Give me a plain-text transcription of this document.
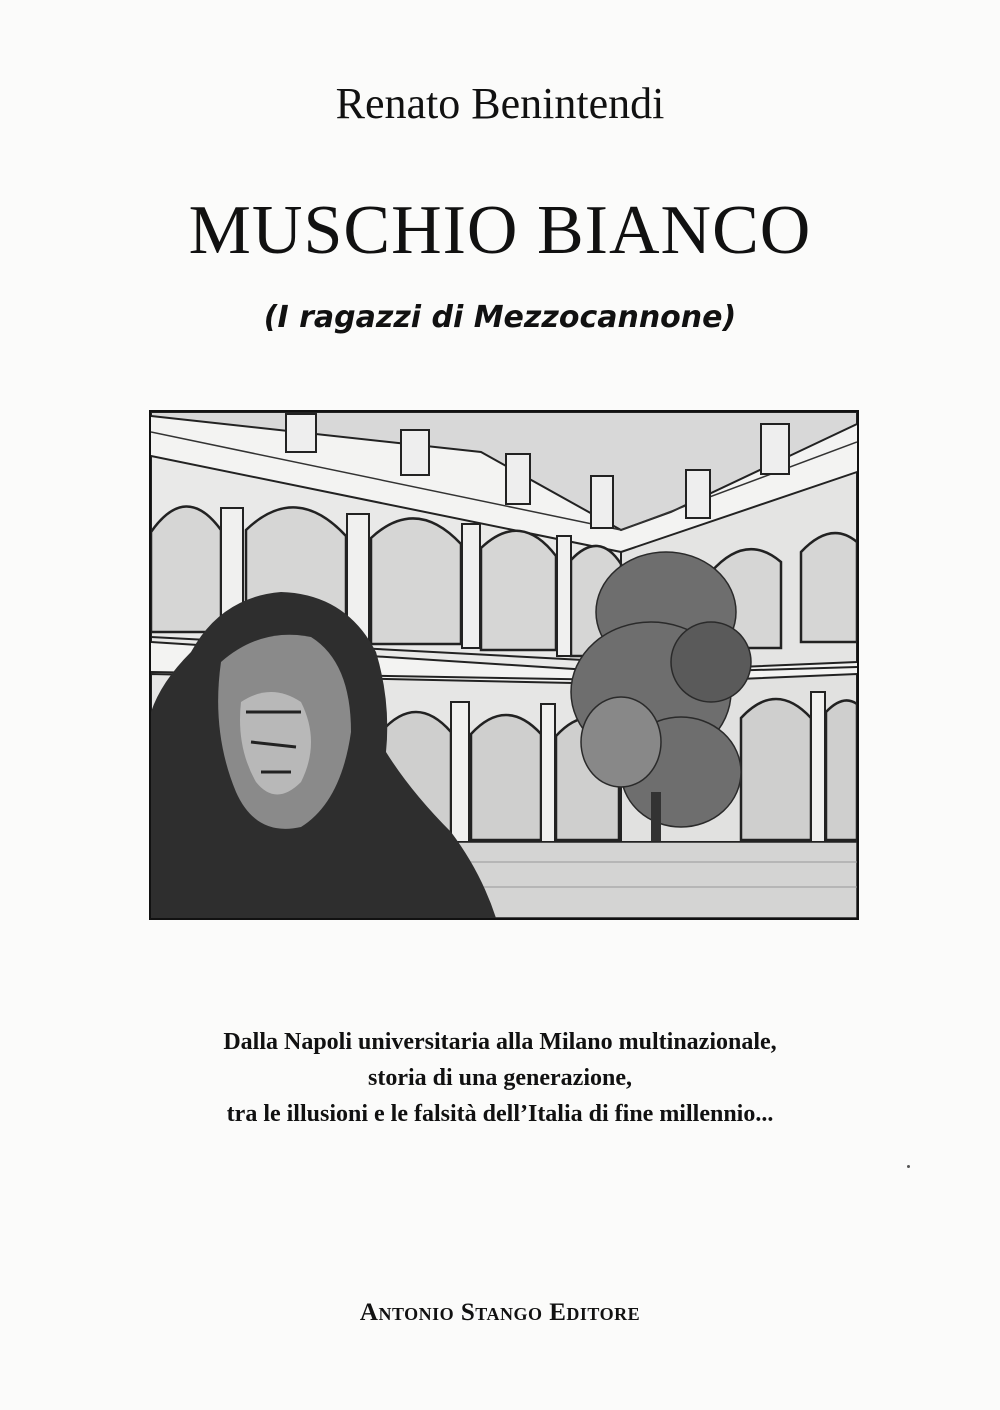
Renato Benintendi
MUSCHIO BIANCO
(I ragazzi di Mezzocannone)
Dalla Napoli universitaria alla Milano multinazionale,
storia di una generazione,
tra le illusioni e le falsità dell’Italia di fine millennio...
Antonio Stango Editore
